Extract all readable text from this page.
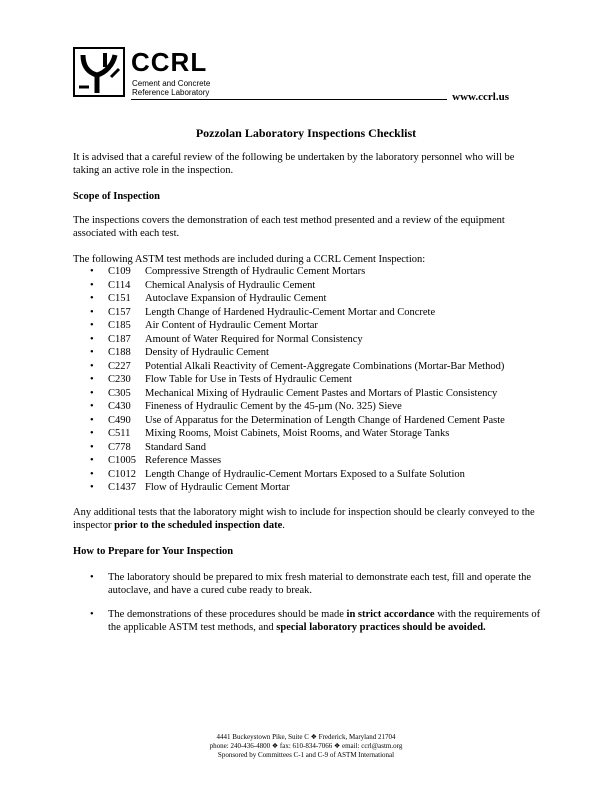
CCRL
Cement and Concrete
Reference Laboratory	www.ccrl.us
Pozzolan Laboratory Inspections Checklist
It is advised that a careful review of the following be undertaken by the laboratory personnel who will be taking an active role in the inspection.
Scope of Inspection
The inspections covers the demonstration of each test method presented and a review of the equipment associated with each test.
The following ASTM test methods are included during a CCRL Cement Inspection:
• C109 Compressive Strength of Hydraulic Cement Mortars
• C114 Chemical Analysis of Hydraulic Cement
• C151 Autoclave Expansion of Hydraulic Cement
• C157 Length Change of Hardened Hydraulic-Cement Mortar and Concrete
• C185 Air Content of Hydraulic Cement Mortar
• C187 Amount of Water Required for Normal Consistency
• C188 Density of Hydraulic Cement
• C227 Potential Alkali Reactivity of Cement-Aggregate Combinations (Mortar-Bar Method)
• C230 Flow Table for Use in Tests of Hydraulic Cement
• C305 Mechanical Mixing of Hydraulic Cement Pastes and Mortars of Plastic Consistency
• C430 Fineness of Hydraulic Cement by the 45-µm (No. 325) Sieve
• C490 Use of Apparatus for the Determination of Length Change of Hardened Cement Paste
• C511 Mixing Rooms, Moist Cabinets, Moist Rooms, and Water Storage Tanks
• C778 Standard Sand
• C1005 Reference Masses
• C1012 Length Change of Hydraulic-Cement Mortars Exposed to a Sulfate Solution
• C1437 Flow of Hydraulic Cement Mortar
Any additional tests that the laboratory might wish to include for inspection should be clearly conveyed to the inspector prior to the scheduled inspection date.
How to Prepare for Your Inspection
• The laboratory should be prepared to mix fresh material to demonstrate each test, fill and operate the autoclave, and have a cured cube ready to break.
• The demonstrations of these procedures should be made in strict accordance with the requirements of the applicable ASTM test methods, and special laboratory practices should be avoided.
4441 Buckeystown Pike, Suite C ❖ Frederick, Maryland 21704
phone: 240-436-4800 ❖ fax: 610-834-7066 ❖ email: ccrl@astm.org
Sponsored by Committees C-1 and C-9 of ASTM International
